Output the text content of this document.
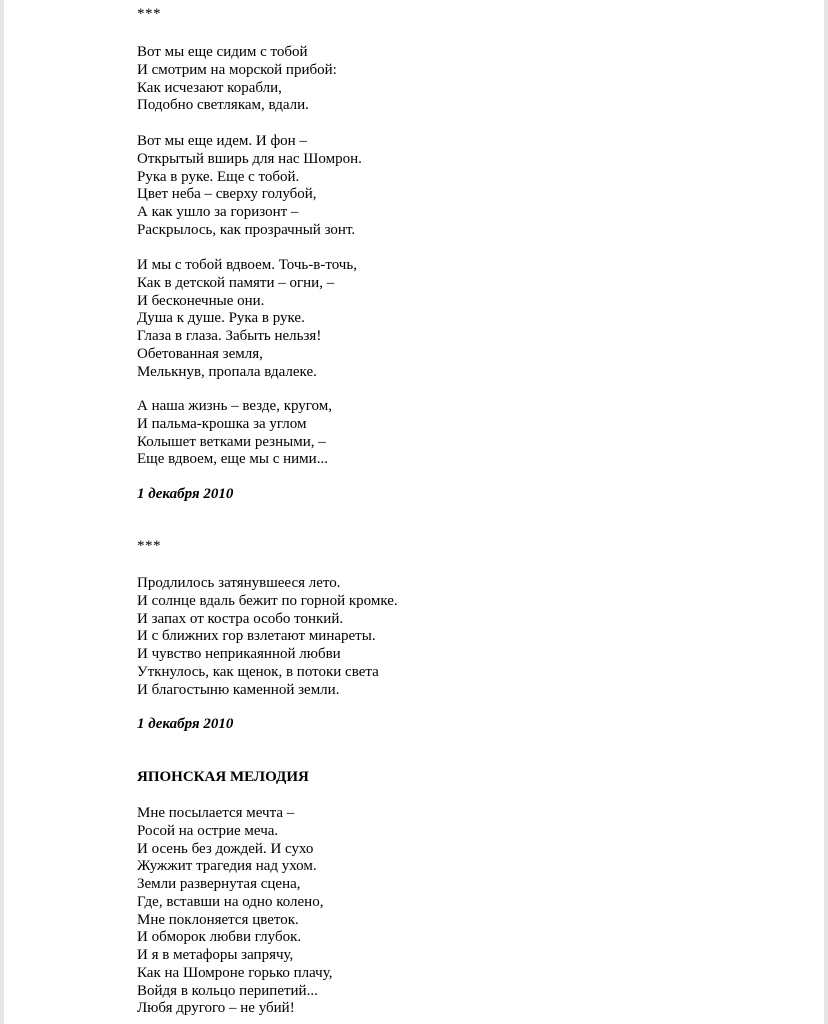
***
Вот мы еще сидим с тобой
И смотрим на морской прибой:
Как исчезают корабли,
Подобно светлякам, вдали.
Вот мы еще идем. И фон –
Открытый вширь для нас Шомрон.
Рука в руке. Еще с тобой.
Цвет неба – сверху голубой,
А как ушло за горизонт –
Раскрылось, как прозрачный зонт.
И мы с тобой вдвоем. Точь-в-точь,
Как в детской памяти – огни, –
И бесконечные они.
Душа к душе. Рука в руке.
Глаза в глаза. Забыть нельзя!
Обетованная земля,
Мелькнув, пропала вдалеке.
А наша жизнь – везде, кругом,
И пальма-крошка за углом
Колышет ветками резными, –
Еще вдвоем, еще мы с ними...
1 декабря 2010
***
Продлилось затянувшееся лето.
И солнце вдаль бежит по горной кромке.
И запах от костра особо тонкий.
И с ближних гор взлетают минареты.
И чувство неприкаянной любви
Уткнулось, как щенок, в потоки света
И благостыню каменной земли.
1 декабря 2010
ЯПОНСКАЯ МЕЛОДИЯ
Мне посылается мечта –
Росой на острие меча.
И осень без дождей. И сухо
Жужжит трагедия над ухом.
Земли развернутая сцена,
Где, вставши на одно колено,
Мне поклоняется цветок.
И обморок любви глубок.
И я в метафоры запрячу,
Как на Шомроне горько плачу,
Войдя в кольцо перипетий...
Любя другого – не убий!
